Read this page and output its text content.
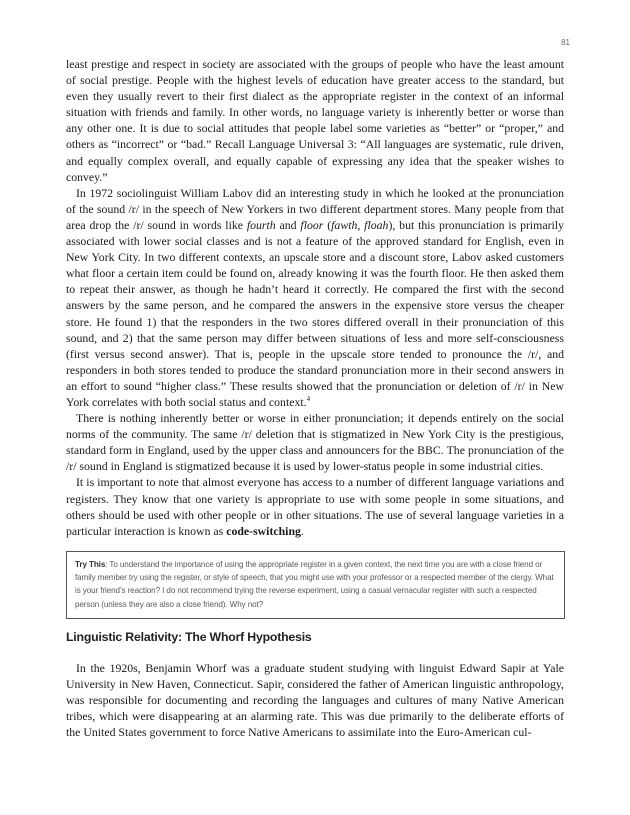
81

least prestige and respect in society are associated with the groups of people who have the least amount of social prestige. People with the highest levels of education have greater access to the standard, but even they usually revert to their first dialect as the appropriate register in the context of an informal situation with friends and family. In other words, no language variety is inherently better or worse than any other one. It is due to social attitudes that people label some varieties as “better” or “proper,” and others as “incorrect” or “bad.” Recall Language Universal 3: “All languages are systematic, rule driven, and equally complex overall, and equally capable of expressing any idea that the speaker wishes to convey.”

In 1972 sociolinguist William Labov did an interesting study in which he looked at the pronunciation of the sound /r/ in the speech of New Yorkers in two different department stores. Many people from that area drop the /r/ sound in words like fourth and floor (fawth, floah), but this pronunciation is primarily associated with lower social classes and is not a feature of the approved standard for English, even in New York City. In two different contexts, an upscale store and a discount store, Labov asked customers what floor a certain item could be found on, already knowing it was the fourth floor. He then asked them to repeat their answer, as though he hadn’t heard it correctly. He compared the first with the second answers by the same person, and he compared the answers in the expensive store versus the cheaper store. He found 1) that the responders in the two stores differed overall in their pronunciation of this sound, and 2) that the same person may differ between situations of less and more self-consciousness (first versus second answer). That is, people in the upscale store tended to pronounce the /r/, and responders in both stores tended to produce the standard pronunciation more in their second answers in an effort to sound “higher class.” These results showed that the pronunciation or deletion of /r/ in New York correlates with both social status and context.$^4$

There is nothing inherently better or worse in either pronunciation; it depends entirely on the social norms of the community. The same /r/ deletion that is stigmatized in New York City is the prestigious, standard form in England, used by the upper class and announcers for the BBC. The pronunciation of the /r/ sound in England is stigmatized because it is used by lower-status people in some industrial cities.

It is important to note that almost everyone has access to a number of different language variations and registers. They know that one variety is appropriate to use with some people in some situations, and others should be used with other people or in other situations. The use of several language varieties in a particular interaction is known as code-switching.

Try This: To understand the importance of using the appropriate register in a given context, the next time you are with a close friend or family member try using the register, or style of speech, that you might use with your professor or a respected member of the clergy. What is your friend’s reaction? I do not recommend trying the reverse experiment, using a casual vernacular register with such a respected person (unless they are also a close friend). Why not?
Linguistic Relativity: The Whorf Hypothesis

In the 1920s, Benjamin Whorf was a graduate student studying with linguist Edward Sapir at Yale University in New Haven, Connecticut. Sapir, considered the father of American linguistic anthropology, was responsible for documenting and recording the languages and cultures of many Native American tribes, which were disappearing at an alarming rate. This was due primarily to the deliberate efforts of the United States government to force Native Americans to assimilate into the Euro-American cul-
